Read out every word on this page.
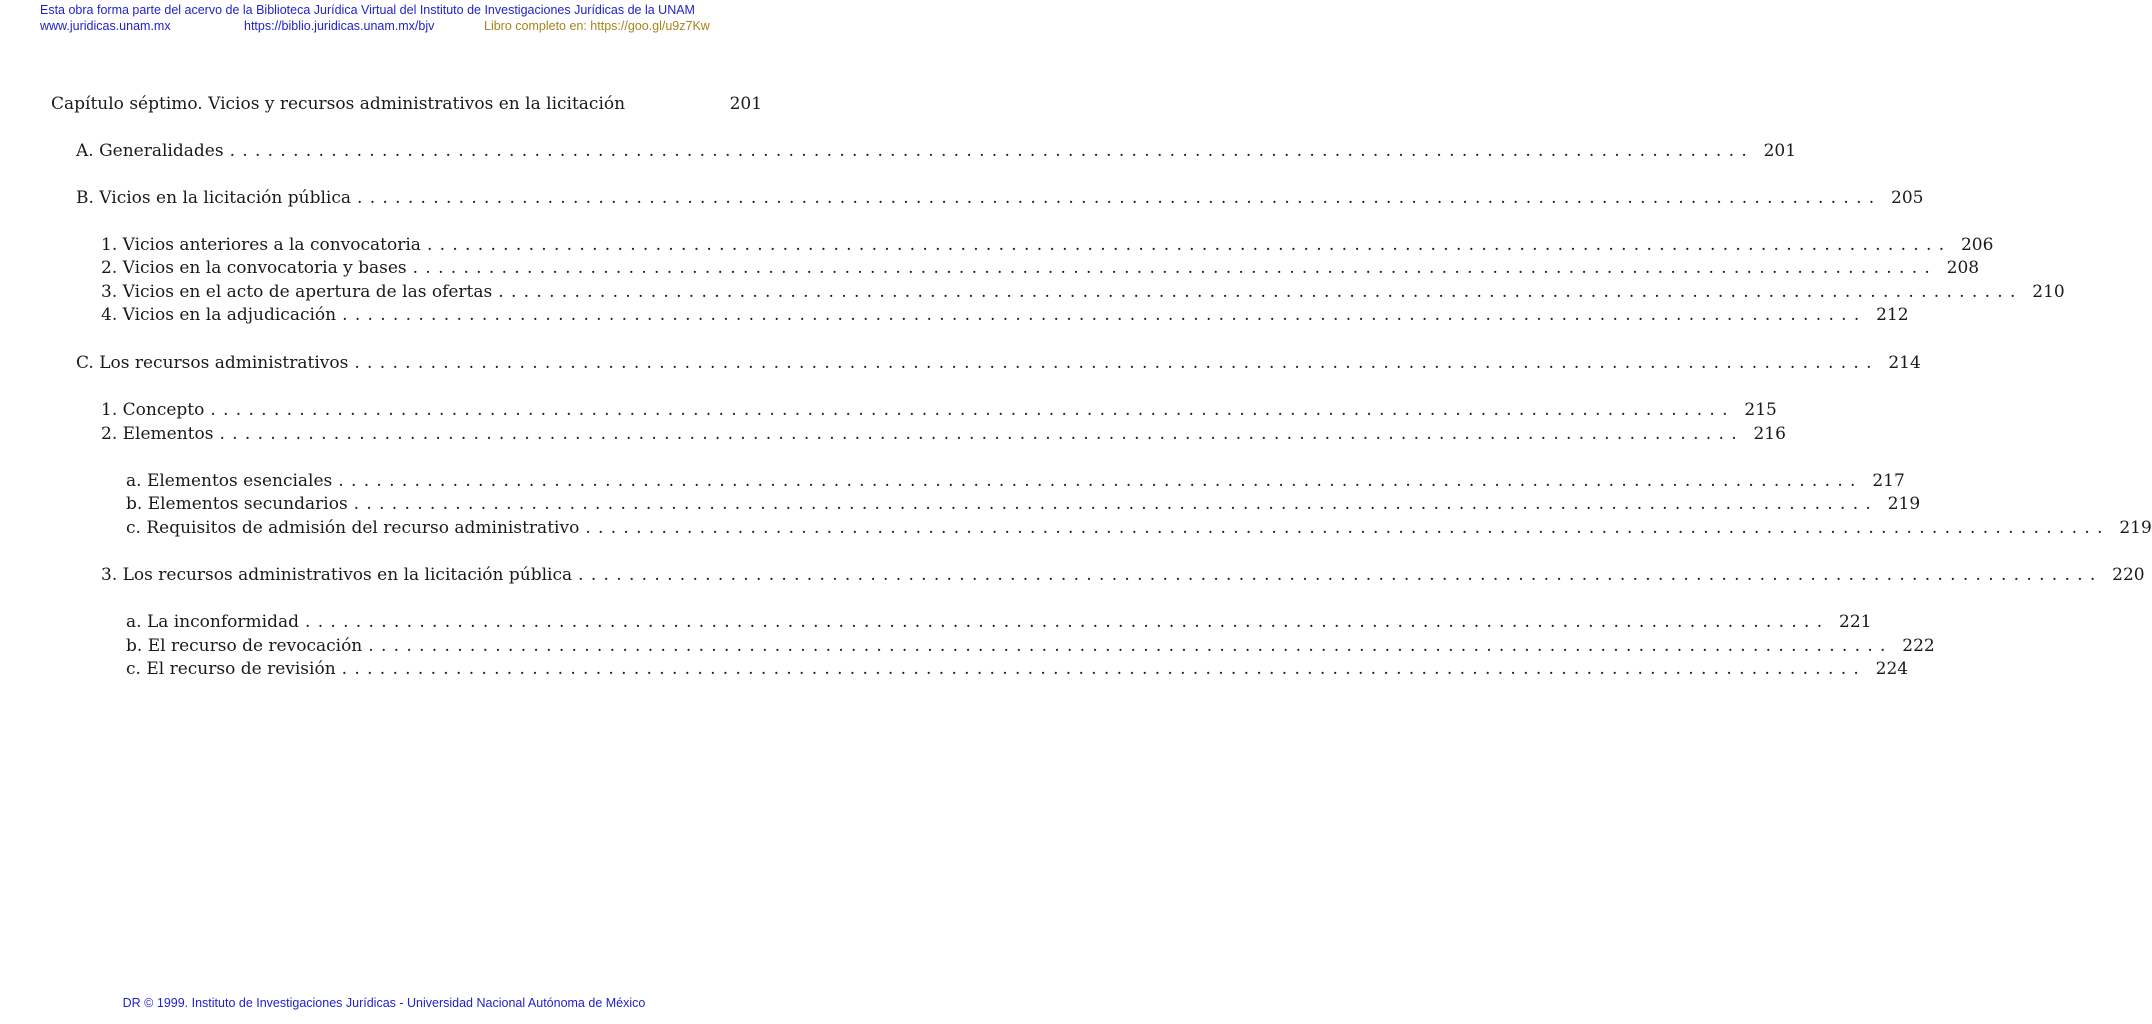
Esta obra forma parte del acervo de la Biblioteca Jurídica Virtual del Instituto de Investigaciones Jurídicas de la UNAM
www.juridicas.unam.mx	https://biblio.juridicas.unam.mx/bjv	Libro completo en: https://goo.gl/u9z7Kw
Capítulo séptimo. Vicios y recursos administrativos en la licitación	201
A. Generalidades ........................................................................................................................ 201
B. Vicios en la licitación pública ........................................................................................................................ 205
1. Vicios anteriores a la convocatoria ........................................................................................................................ 206
2. Vicios en la convocatoria y bases ........................................................................................................................ 208
3. Vicios en el acto de apertura de las ofertas ........................................................................................................................ 210
4. Vicios en la adjudicación ........................................................................................................................ 212
C. Los recursos administrativos ........................................................................................................................ 214
1. Concepto ........................................................................................................................ 215
2. Elementos ........................................................................................................................ 216
a. Elementos esenciales ........................................................................................................................ 217
b. Elementos secundarios ........................................................................................................................ 219
c. Requisitos de admisión del recurso administrativo ........................................................................................................................ 219
3. Los recursos administrativos en la licitación pública ........................................................................................................................ 220
a. La inconformidad ........................................................................................................................ 221
b. El recurso de revocación ........................................................................................................................ 222
c. El recurso de revisión ........................................................................................................................ 224
DR © 1999. Instituto de Investigaciones Jurídicas - Universidad Nacional Autónoma de México
